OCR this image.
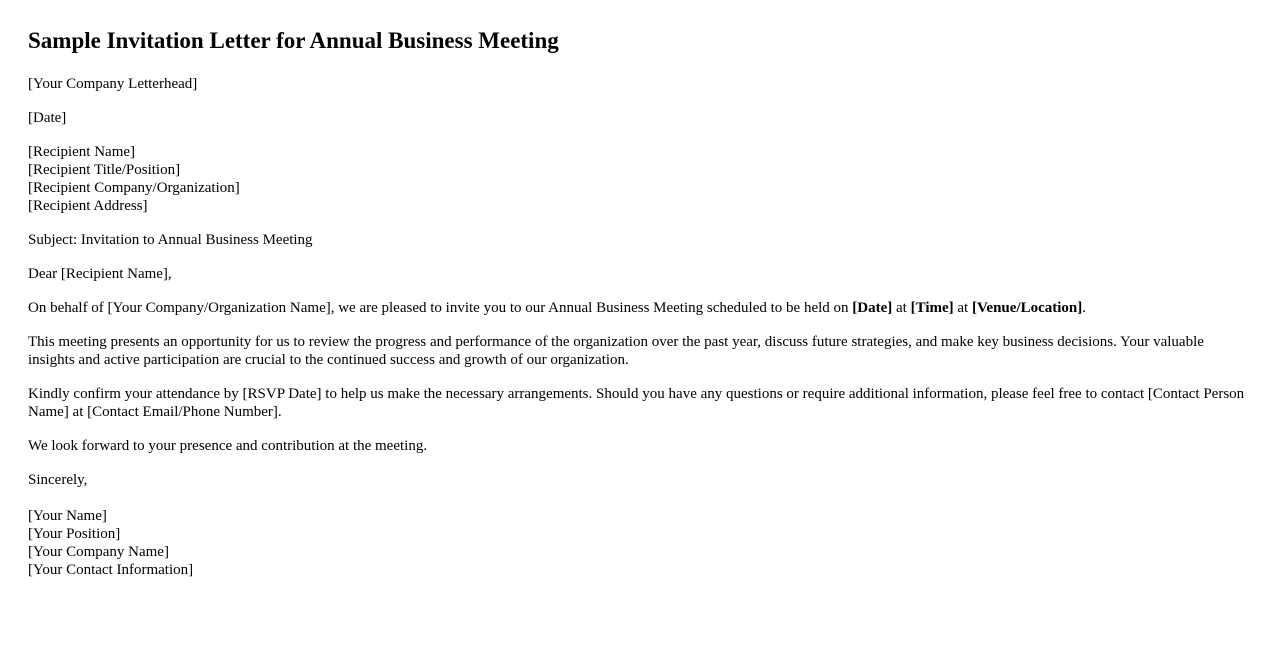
Sample Invitation Letter for Annual Business Meeting

[Your Company Letterhead]

[Date]

[Recipient Name]
[Recipient Title/Position]
[Recipient Company/Organization]
[Recipient Address]

Subject: Invitation to Annual Business Meeting

Dear [Recipient Name],

On behalf of [Your Company/Organization Name], we are pleased to invite you to our Annual Business Meeting scheduled to be held on [Date] at [Time] at [Venue/Location].

This meeting presents an opportunity for us to review the progress and performance of the organization over the past year, discuss future strategies, and make key business decisions. Your valuable insights and active participation are crucial to the continued success and growth of our organization.

Kindly confirm your attendance by [RSVP Date] to help us make the necessary arrangements. Should you have any questions or require additional information, please feel free to contact [Contact Person Name] at [Contact Email/Phone Number].

We look forward to your presence and contribution at the meeting.

Sincerely,

[Your Name]
[Your Position]
[Your Company Name]
[Your Contact Information]
